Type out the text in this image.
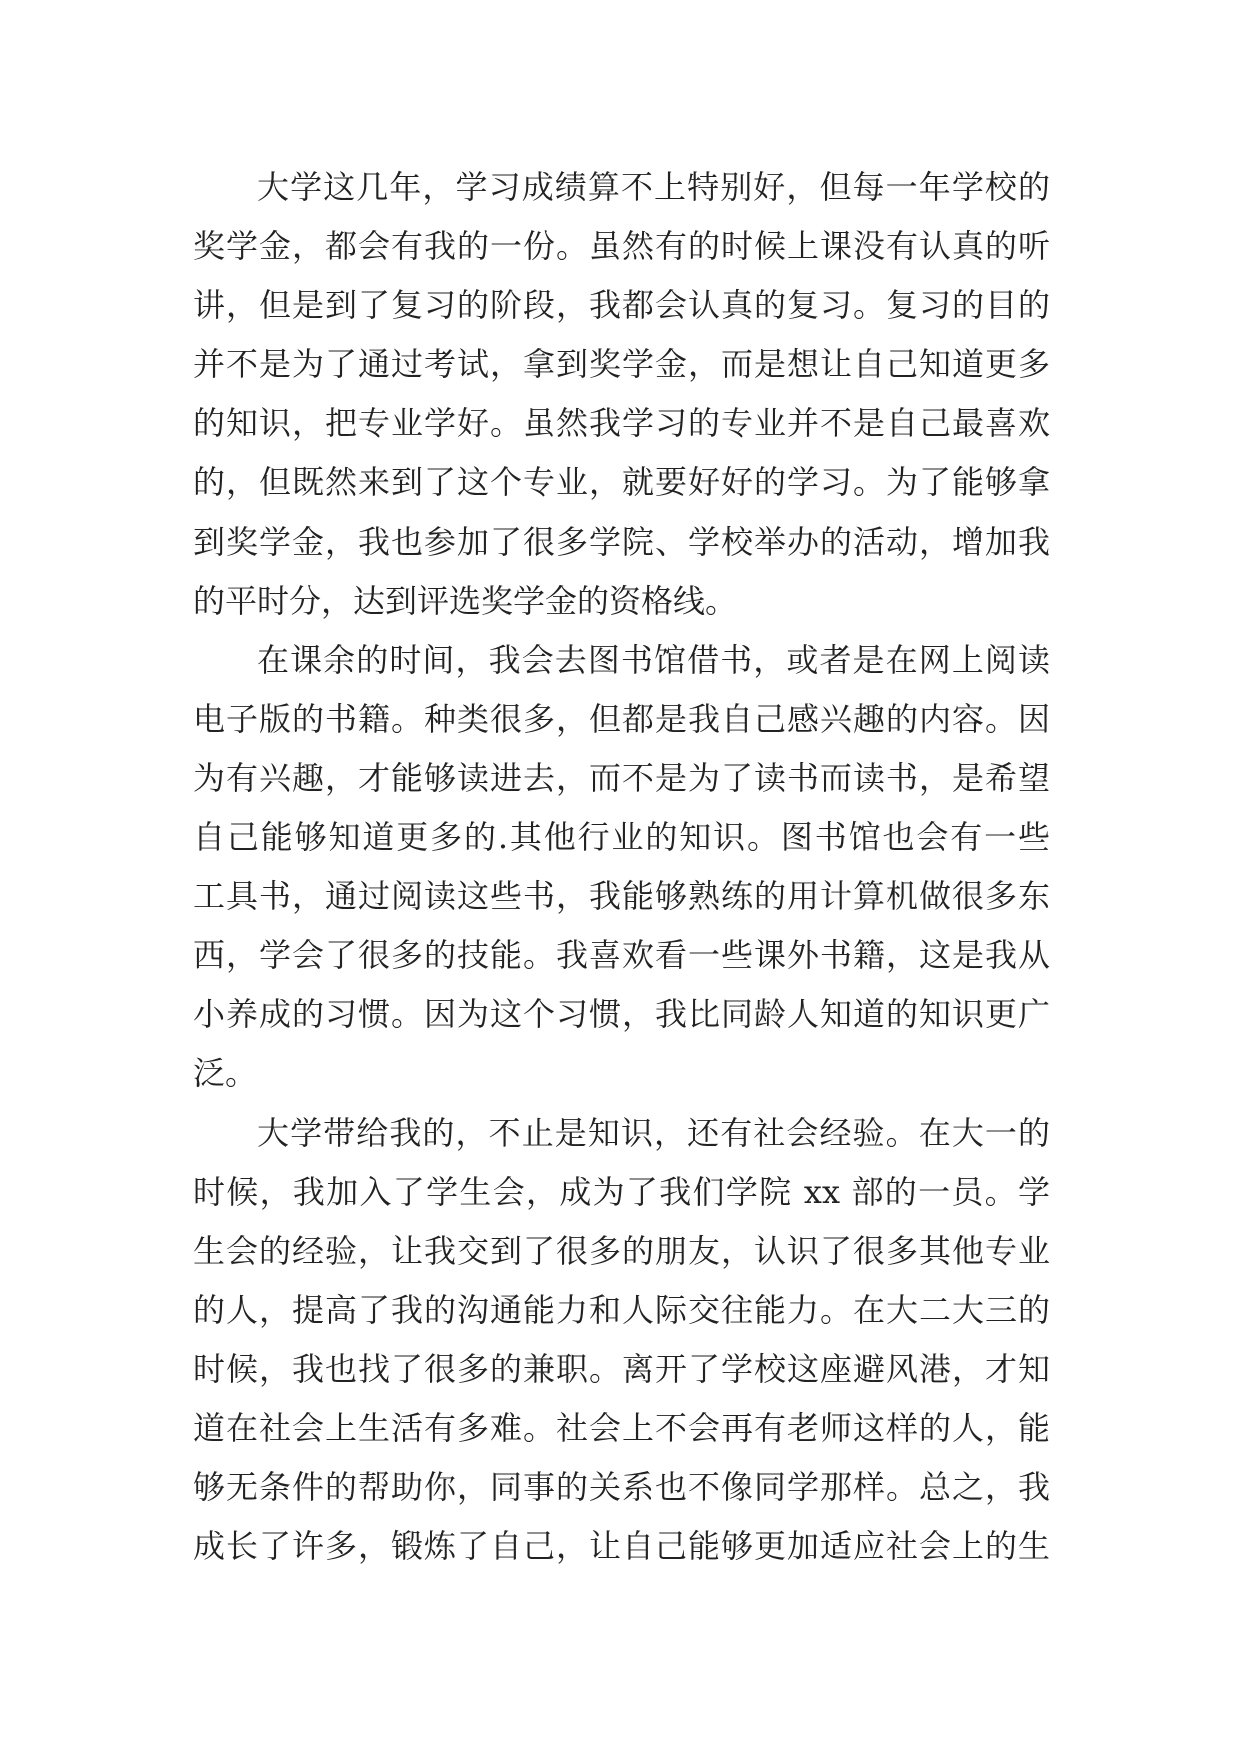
大学这几年，学习成绩算不上特别好，但每一年学校的
奖学金，都会有我的一份。虽然有的时候上课没有认真的听
讲，但是到了复习的阶段，我都会认真的复习。复习的目的
并不是为了通过考试，拿到奖学金，而是想让自己知道更多
的知识，把专业学好。虽然我学习的专业并不是自己最喜欢
的，但既然来到了这个专业，就要好好的学习。为了能够拿
到奖学金，我也参加了很多学院、学校举办的活动，增加我
的平时分，达到评选奖学金的资格线。
在课余的时间，我会去图书馆借书，或者是在网上阅读
电子版的书籍。种类很多，但都是我自己感兴趣的内容。因
为有兴趣，才能够读进去，而不是为了读书而读书，是希望
自己能够知道更多的.其他行业的知识。图书馆也会有一些
工具书，通过阅读这些书，我能够熟练的用计算机做很多东
西，学会了很多的技能。我喜欢看一些课外书籍，这是我从
小养成的习惯。因为这个习惯，我比同龄人知道的知识更广
泛。
大学带给我的，不止是知识，还有社会经验。在大一的
时候，我加入了学生会，成为了我们学院 xx 部的一员。学
生会的经验，让我交到了很多的朋友，认识了很多其他专业
的人，提高了我的沟通能力和人际交往能力。在大二大三的
时候，我也找了很多的兼职。离开了学校这座避风港，才知
道在社会上生活有多难。社会上不会再有老师这样的人，能
够无条件的帮助你，同事的关系也不像同学那样。总之，我
成长了许多，锻炼了自己，让自己能够更加适应社会上的生
